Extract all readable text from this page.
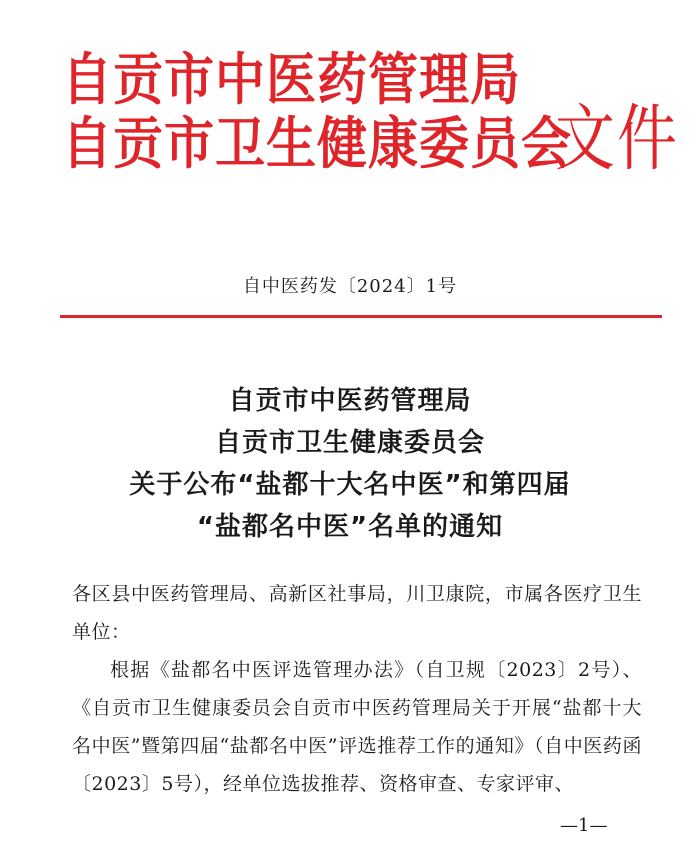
自贡市中医药管理局
自贡市卫生健康委员会
文件
自中医药发〔2024〕1号
自贡市中医药管理局
自贡市卫生健康委员会
关于公布“盐都十大名中医”和第四届
“盐都名中医”名单的通知

各区县中医药管理局、高新区社事局，川卫康院，市属各医疗卫生单位：

根据《盐都名中医评选管理办法》（自卫规〔2023〕2号）、《自贡市卫生健康委员会自贡市中医药管理局关于开展“盐都十大名中医”暨第四届“盐都名中医”评选推荐工作的通知》（自中医药函〔2023〕5号），经单位选拔推荐、资格审查、专家评审、

—1—
